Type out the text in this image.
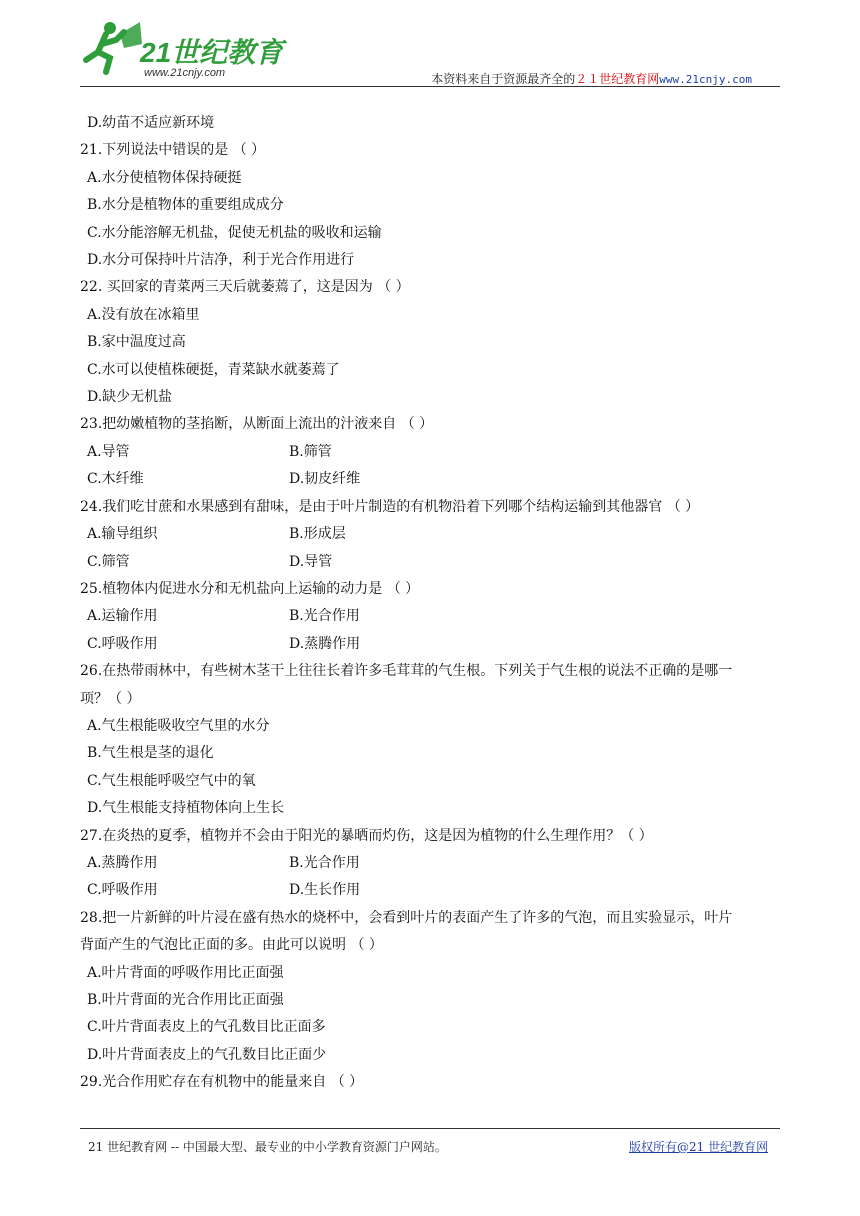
21世纪教育
www.21cnjy.com	本资料来自于资源最齐全的２１世纪教育网www.21cnjy.com
D.幼苗不适应新环境
21.下列说法中错误的是 （ ）
A.水分使植物体保持硬挺
B.水分是植物体的重要组成成分
C.水分能溶解无机盐，促使无机盐的吸收和运输
D.水分可保持叶片洁净，利于光合作用进行
22. 买回家的青菜两三天后就萎蔫了，这是因为 （ ）
A.没有放在冰箱里
B.家中温度过高
C.水可以使植株硬挺，青菜缺水就萎蔫了
D.缺少无机盐
23.把幼嫩植物的茎掐断，从断面上流出的汁液来自 （ ）
A.导管	B.筛管
C.木纤维	D.韧皮纤维
24.我们吃甘蔗和水果感到有甜味，是由于叶片制造的有机物沿着下列哪个结构运输到其他器官 （ ）
A.输导组织	B.形成层
C.筛管	D.导管
25.植物体内促进水分和无机盐向上运输的动力是 （ ）
A.运输作用	B.光合作用
C.呼吸作用	D.蒸腾作用
26.在热带雨林中，有些树木茎干上往往长着许多毛茸茸的气生根。下列关于气生根的说法不正确的是哪一
项？（ ）
A.气生根能吸收空气里的水分
B.气生根是茎的退化
C.气生根能呼吸空气中的氧
D.气生根能支持植物体向上生长
27.在炎热的夏季，植物并不会由于阳光的暴晒而灼伤，这是因为植物的什么生理作用？（ ）
A.蒸腾作用	B.光合作用
C.呼吸作用	D.生长作用
28.把一片新鲜的叶片浸在盛有热水的烧杯中，会看到叶片的表面产生了许多的气泡，而且实验显示，叶片
背面产生的气泡比正面的多。由此可以说明 （ ）
A.叶片背面的呼吸作用比正面强
B.叶片背面的光合作用比正面强
C.叶片背面表皮上的气孔数目比正面多
D.叶片背面表皮上的气孔数目比正面少
29.光合作用贮存在有机物中的能量来自 （ ）
21 世纪教育网 -- 中国最大型、最专业的中小学教育资源门户网站。	版权所有@21 世纪教育网
